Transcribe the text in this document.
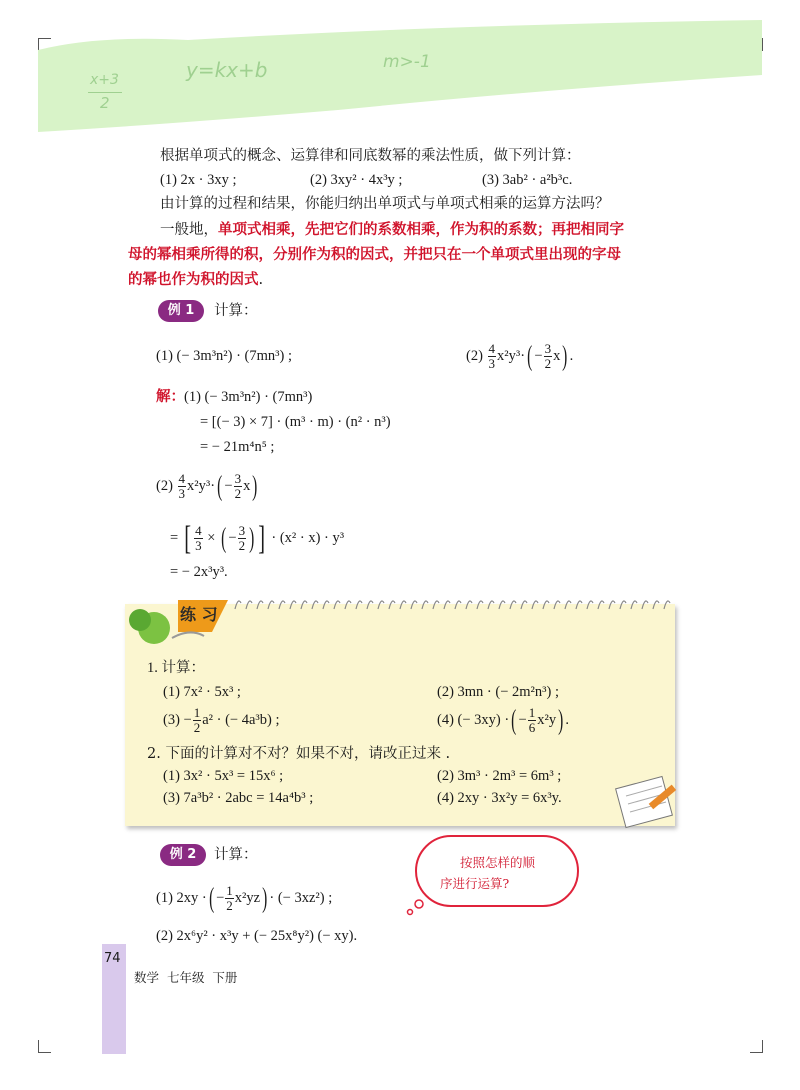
x+3
2
y=kx+b	m>-1
根据单项式的概念、运算律和同底数幂的乘法性质，做下列计算：
(1) 2x · 3xy ;	(2) 3xy² · 4x³y ;	(3) 3ab² · a²b³c.
由计算的过程和结果，你能归纳出单项式与单项式相乘的运算方法吗？
一般地，单项式相乘，先把它们的系数相乘，作为积的系数；再把相同字
母的幂相乘所得的积，分别作为积的因式，并把只在一个单项式里出现的字母
的幂也作为积的因式.
例 1	计算：
(1) (− 3m³n²) · (7mn³) ;	$(2) \frac{4}{3} x^2y^3\cdot( - \frac{3}{2} x)$ .
解： (1) (− 3m³n²) · (7mn³)
= [(− 3) × 7] · (m³ · m) · (n² · n³)
= − 21m⁴n⁵ ;
$(2) \frac{4}{3} x^2y^3\cdot( - \frac{3}{2} x)$
= [ $\frac{4}{3}$ × ( − $\frac{3}{2}$ ) ] · (x² · x) · y³
= − 2x³y³.
1. 计算：
(1) 7x² · 5x³ ;	(2) 3mn · (− 2m²n³) ;
$(3) - \frac{1}{2} a^2$ · (− 4a³b) ;	(4) (− 3xy) ·( − $\frac{1}{6} x^2y$) .
2. 下面的计算对不对？如果不对，请改正过来 .
(1) 3x² · 5x³ = 15x⁶ ;	(2) 3m³ · 2m³ = 6m³ ;
(3) 7a³b² · 2abc = 14a⁴b³ ;	(4) 2xy · 3x²y = 6x³y.
练 习
例 2	计算：	按照怎样的顺
序进行运算?
(1) 2xy ·( − $\frac{1}{2} x^2yz$) · (− 3xz²) ;
(2) 2x⁶y² · x³y + (− 25x⁸y²) (− xy).
74
数学  七年级  下册
